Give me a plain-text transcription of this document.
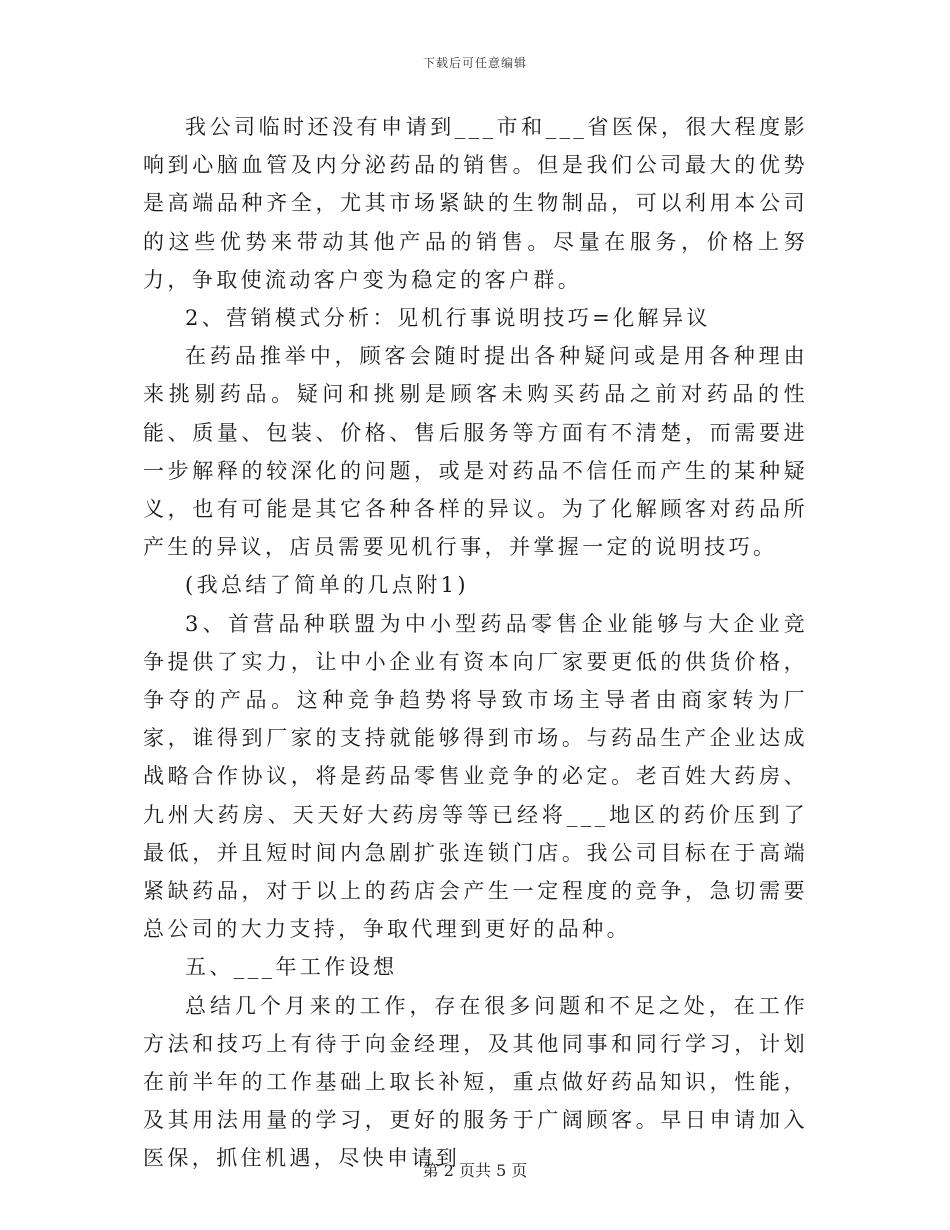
下载后可任意编辑

我公司临时还没有申请到___市和___省医保，很大程度影响到心脑血管及内分泌药品的销售。但是我们公司最大的优势是高端品种齐全，尤其市场紧缺的生物制品，可以利用本公司的这些优势来带动其他产品的销售。尽量在服务，价格上努力，争取使流动客户变为稳定的客户群。

2、营销模式分析：见机行事说明技巧=化解异议

在药品推举中，顾客会随时提出各种疑问或是用各种理由来挑剔药品。疑问和挑剔是顾客未购买药品之前对药品的性能、质量、包装、价格、售后服务等方面有不清楚，而需要进一步解释的较深化的问题，或是对药品不信任而产生的某种疑义，也有可能是其它各种各样的异议。为了化解顾客对药品所产生的异议，店员需要见机行事，并掌握一定的说明技巧。

(我总结了简单的几点附1)

3、首营品种联盟为中小型药品零售企业能够与大企业竞争提供了实力，让中小企业有资本向厂家要更低的供货价格，争夺的产品。这种竞争趋势将导致市场主导者由商家转为厂家，谁得到厂家的支持就能够得到市场。与药品生产企业达成战略合作协议，将是药品零售业竞争的必定。老百姓大药房、九州大药房、天天好大药房等等已经将___地区的药价压到了最低，并且短时间内急剧扩张连锁门店。我公司目标在于高端紧缺药品，对于以上的药店会产生一定程度的竞争，急切需要总公司的大力支持，争取代理到更好的品种。

五、___年工作设想

总结几个月来的工作，存在很多问题和不足之处，在工作方法和技巧上有待于向金经理，及其他同事和同行学习，计划在前半年的工作基础上取长补短，重点做好药品知识，性能，及其用法用量的学习，更好的服务于广阔顾客。早日申请加入医保，抓住机遇，尽快申请到

第 2 页共 5 页
